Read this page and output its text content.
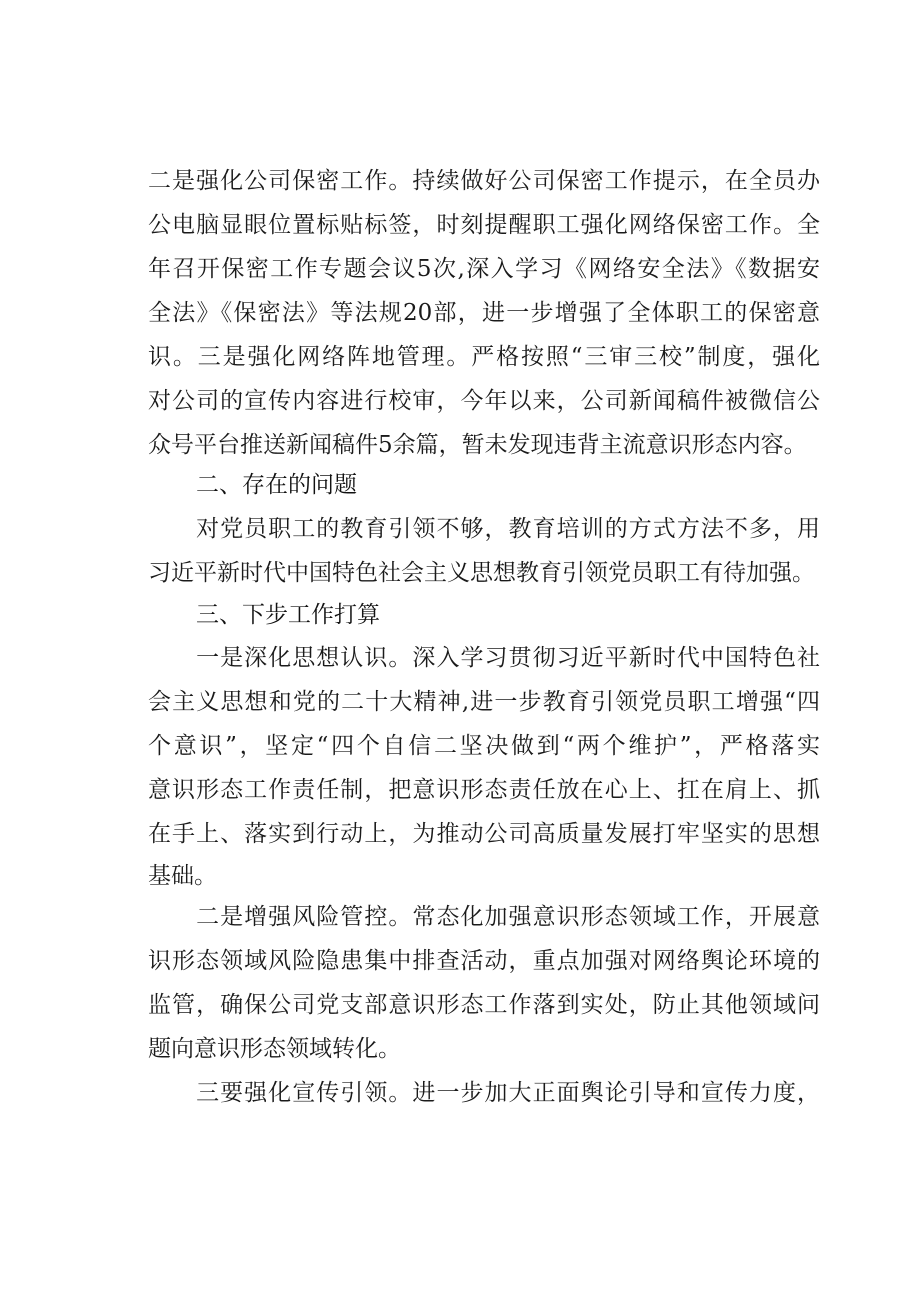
二是强化公司保密工作。持续做好公司保密工作提示，在全员办
公电脑显眼位置标贴标签，时刻提醒职工强化网络保密工作。全
年召开保密工作专题会议5次,深入学习《网络安全法》《数据安
全法》《保密法》等法规20部，进一步增强了全体职工的保密意
识。三是强化网络阵地管理。严格按照“三审三校”制度，强化
对公司的宣传内容进行校审，今年以来，公司新闻稿件被微信公
众号平台推送新闻稿件5余篇，暂未发现违背主流意识形态内容。
二、存在的问题
　　对党员职工的教育引领不够，教育培训的方式方法不多，用
习近平新时代中国特色社会主义思想教育引领党员职工有待加强。
三、下步工作打算
　　一是深化思想认识。深入学习贯彻习近平新时代中国特色社
会主义思想和党的二十大精神,进一步教育引领党员职工增强“四
个意识”，坚定“四个自信二坚决做到“两个维护”，严格落实
意识形态工作责任制，把意识形态责任放在心上、扛在肩上、抓
在手上、落实到行动上，为推动公司高质量发展打牢坚实的思想
基础。
　　二是增强风险管控。常态化加强意识形态领域工作，开展意
识形态领域风险隐患集中排查活动，重点加强对网络舆论环境的
监管，确保公司党支部意识形态工作落到实处，防止其他领域问
题向意识形态领域转化。
　　三要强化宣传引领。进一步加大正面舆论引导和宣传力度，
